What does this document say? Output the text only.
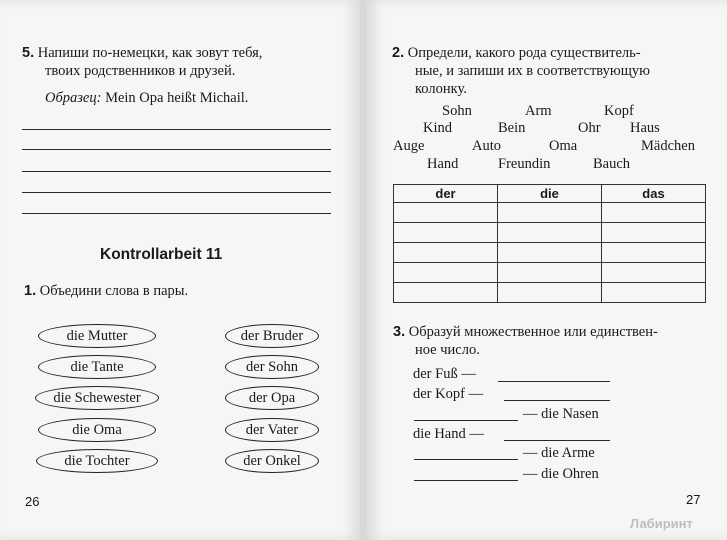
5. Напиши по-немецки, как зовут тебя,
твоих родственников и друзей.
Образец: Mein Opa heißt Michail.
Kontrollarbeit 11
1. Объедини слова в пары.
die Mutter
die Tante
die Schewester
die Oma
die Tochter
der Bruder
der Sohn
der Opa
der Vater
der Onkel
26
2. Определи, какого рода существитель-
ные, и запиши их в соответствующую
колонку.
Sohn	Arm	Kopf
Kind	Bein	Ohr Haus
Auge	Auto	Oma	Mädchen
Hand	Freundin	Bauch
der	die	das

3. Образуй множественное или единствен-
ное число.
der Fuß —
der Kopf —
— die Nasen
die Hand —
— die Arme
— die Ohren
27
Лабиринт
